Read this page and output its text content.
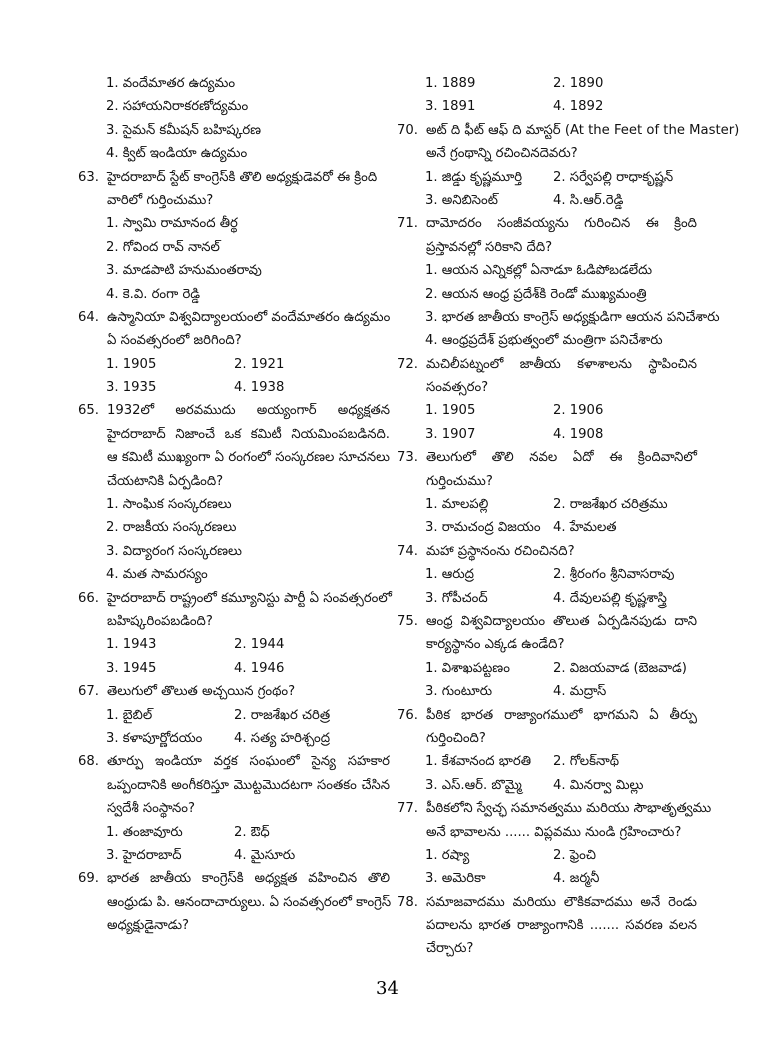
1. వందేమాతర ఉద్యమం
2. సహాయనిరాకరణోద్యమం
3. సైమన్ కమీషన్ బహిష్కరణ
4. క్విట్ ఇండియా ఉద్యమం
63. హైదరాబాద్ స్టేట్ కాంగ్రెస్‌కి తొలి అధ్యక్షుడెవరో ఈ క్రింది
వారిలో గుర్తించుము?
1. స్వామి రామానంద తీర్థ
2. గోవింద రావ్ నానల్
3. మాడపాటి హనుమంతరావు
4. కె.వి. రంగా రెడ్డి
64. ఉస్మానియా విశ్వవిద్యాలయంలో వందేమాతరం ఉద్యమం
ఏ సంవత్సరంలో జరిగింది?
1. 1905	2. 1921
3. 1935	4. 1938
65. 1932లో అరవముదు అయ్యంగార్ అధ్యక్షతన
హైదరాబాద్ నిజాంచే ఒక కమిటీ నియమింపబడినది.
ఆ కమిటీ ముఖ్యంగా ఏ రంగంలో సంస్కరణల సూచనలు
చేయటానికి ఏర్పడింది?
1. సాంఘిక సంస్కరణలు
2. రాజకీయ సంస్కరణలు
3. విద్యారంగ సంస్కరణలు
4. మత సామరస్యం
66. హైదరాబాద్ రాష్ట్రంలో కమ్యూనిస్టు పార్టీ ఏ సంవత్సరంలో
బహిష్కరింపబడింది?
1. 1943	2. 1944
3. 1945	4. 1946
67. తెలుగులో తొలుత అచ్చయిన గ్రంథం?
1. బైబిల్	2. రాజశేఖర చరిత్ర
3. కళాపూర్ణోదయం	4. సత్య హరిశ్చంద్ర
68. తూర్పు ఇండియా వర్తక సంఘంలో సైన్య సహకార
ఒప్పందానికి అంగీకరిస్తూ మొట్టమొదటగా సంతకం చేసిన
స్వదేశీ సంస్థానం?
1. తంజావూరు	2. ఔధ్
3. హైదరాబాద్	4. మైసూరు
69. భారత జాతీయ కాంగ్రెస్‌కి అధ్యక్షత వహించిన తొలి
ఆంధ్రుడు పి. ఆనందాచార్యులు. ఏ సంవత్సరంలో కాంగ్రెస్
అధ్యక్షుడైనాడు?
1. 1889	2. 1890
3. 1891	4. 1892
70. అట్ ది ఫీట్ ఆఫ్ ది మాస్టర్ (At the Feet of the Master)
అనే గ్రంథాన్ని రచించినదెవరు?
1. జిడ్డు కృష్ణమూర్తి	2. సర్వేపల్లి రాధాకృష్ణన్
3. అనిబిసెంట్	4. సి.ఆర్.రెడ్డి
71. దామోదరం సంజీవయ్యను గురించిన ఈ క్రింది
ప్రస్తావనల్లో సరికాని దేది?
1. ఆయన ఎన్నికల్లో ఏనాడూ ఓడిపోబడలేదు
2. ఆయన ఆంధ్ర ప్రదేశ్‌కి రెండో ముఖ్యమంత్రి
3. భారత జాతీయ కాంగ్రెస్ అధ్యక్షుడిగా ఆయన పనిచేశారు
4. ఆంధ్రప్రదేశ్ ప్రభుత్వంలో మంత్రిగా పనిచేశారు
72. మచిలీపట్నంలో జాతీయ కళాశాలను స్థాపించిన
సంవత్సరం?
1. 1905	2. 1906
3. 1907	4. 1908
73. తెలుగులో తొలి నవల ఏదో ఈ క్రిందివానిలో
గుర్తించుము?
1. మాలపల్లి	2. రాజశేఖర చరిత్రము
3. రామచంద్ర విజయం 4. హేమలత
74. మహా ప్రస్థానంను రచించినది?
1. ఆరుద్ర	2. శ్రీరంగం శ్రీనివాసరావు
3. గోపీచంద్	4. దేవులపల్లి కృష్ణశాస్త్రి
75. ఆంధ్ర విశ్వవిద్యాలయం తొలుత ఏర్పడినపుడు దాని
కార్యస్థానం ఎక్కడ ఉండేది?
1. విశాఖపట్టణం	2. విజయవాడ (బెజవాడ)
3. గుంటూరు	4. మద్రాస్
76. పీఠిక భారత రాజ్యాంగములో భాగమని ఏ తీర్పు
గుర్తించింది?
1. కేశవానంద భారతి	2. గోలక్‌నాథ్
3. ఎస్.ఆర్. బొమ్మై	4. మినర్వా మిల్లు
77. పీఠికలోని స్వేచ్ఛ సమానత్వము మరియు సౌభాతృత్వము
అనే భావాలను ...... విప్లవము నుండి గ్రహించారు?
1. రష్యా	2. ఫ్రెంచి
3. అమెరికా	4. జర్మనీ
78. సమాజవాదము మరియు లౌకికవాదము అనే రెండు
పదాలను భారత రాజ్యాంగానికి ....... సవరణ వలన
చేర్చారు?
34
